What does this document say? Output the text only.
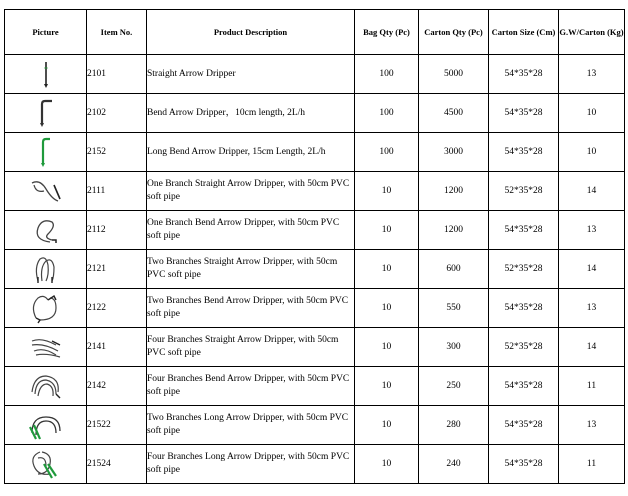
Picture	Item No.	Product Description	Bag Qty (Pc)	Carton Qty (Pc)	Carton Size (Cm)	G.W/Carton (Kg)

	2101	Straight Arrow Dripper	100	5000	54*35*28	13

	2102	Bend Arrow Dripper，10cm length, 2L/h	100	4500	54*35*28	10

	2152	Long Bend Arrow Dripper, 15cm Length, 2L/h	100	3000	54*35*28	10

	2111	One Branch Straight Arrow Dripper, with 50cm PVC soft pipe	10	1200	52*35*28	14

	2112	One Branch Bend Arrow Dripper, with 50cm PVC soft pipe	10	1200	54*35*28	13

	2121	Two Branches Straight Arrow Dripper, with 50cm PVC soft pipe	10	600	52*35*28	14

	2122	Two Branches Bend Arrow Dripper, with 50cm PVC soft pipe	10	550	54*35*28	13

	2141	Four Branches Straight Arrow Dripper, with 50cm PVC soft pipe	10	300	52*35*28	14

	2142	Four Branches Bend Arrow Dripper, with 50cm PVC soft pipe	10	250	54*35*28	11

	21522	Two Branches Long Arrow Dripper, with 50cm PVC soft pipe	10	280	54*35*28	13

	21524	Four Branches Long Arrow Dripper, with 50cm PVC soft pipe	10	240	54*35*28	11
